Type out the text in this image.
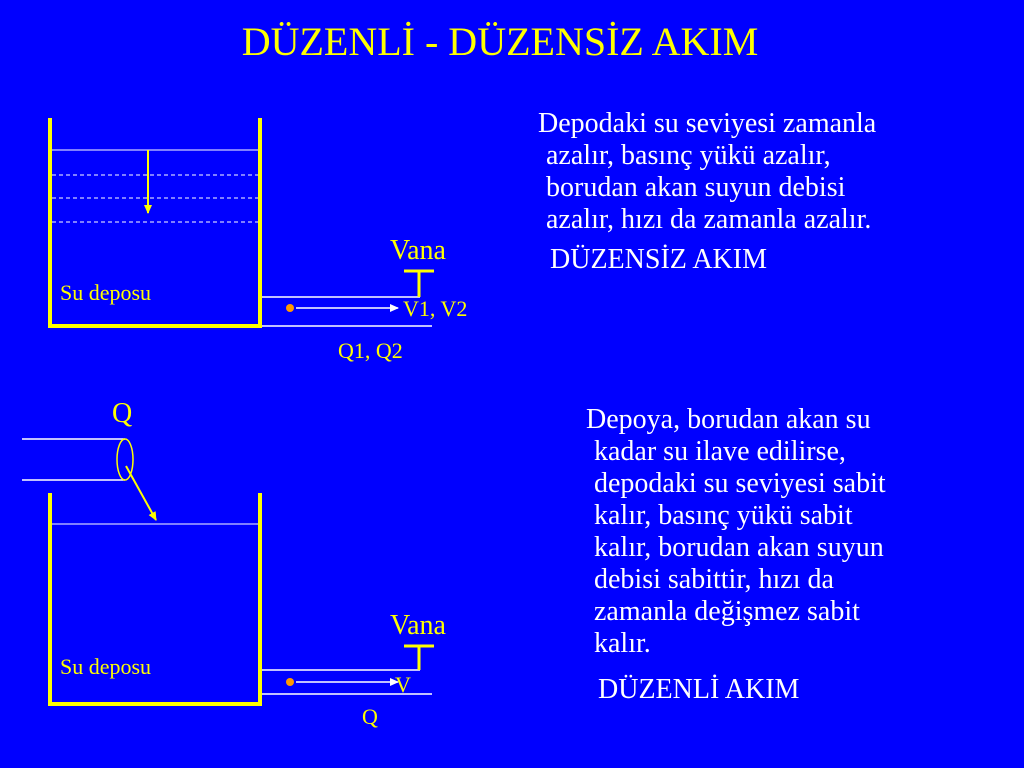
DÜZENLİ - DÜZENSİZ AKIM
Su deposu
Vana
V1, V2
Q1, Q2
Depodaki su seviyesi zamanla
azalır, basınç yükü azalır,
borudan akan suyun debisi
azalır, hızı da zamanla azalır.
DÜZENSİZ AKIM
Q
Su deposu
Vana
V
Q
Depoya, borudan akan su
kadar su ilave edilirse,
depodaki su seviyesi sabit
kalır, basınç yükü sabit
kalır, borudan akan suyun
debisi sabittir, hızı da
zamanla değişmez sabit
kalır.
DÜZENLİ AKIM
